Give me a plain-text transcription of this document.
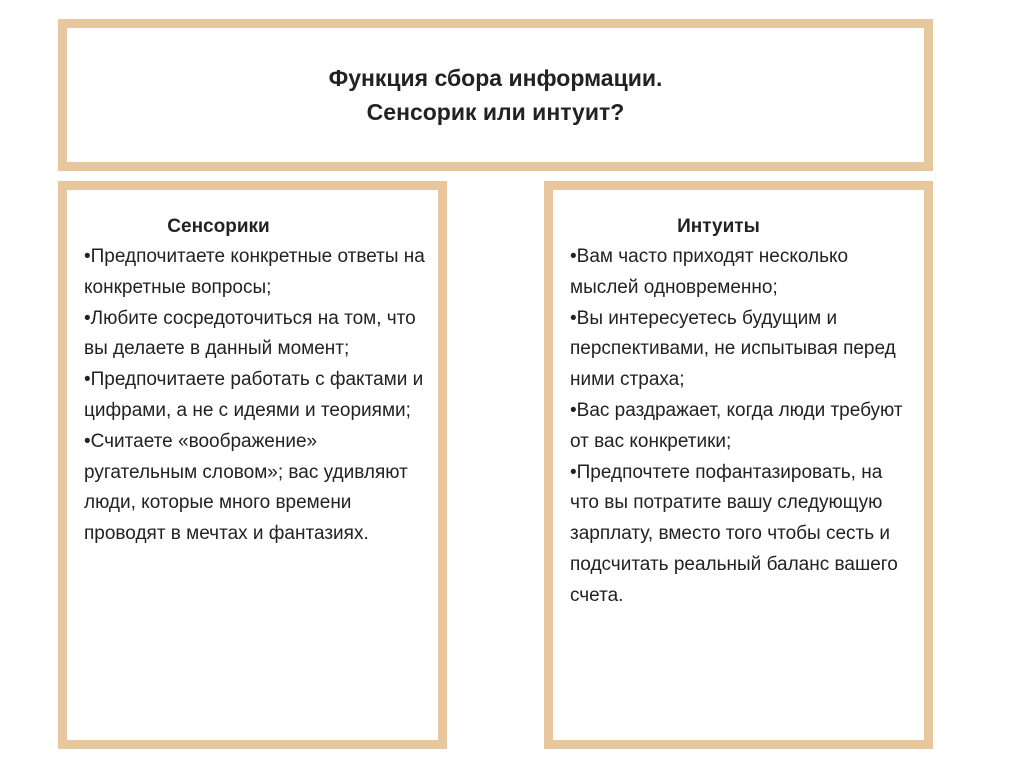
Функция сбора информации.
Сенсорик или интуит?
Сенсорики
•Предпочитаете конкретные ответы на конкретные вопросы;
•Любите сосредоточиться на том, что вы делаете в данный момент;
•Предпочитаете работать с фактами и цифрами, а не с идеями и теориями;
•Считаете «воображение» ругательным словом»; вас удивляют люди, которые много времени проводят в мечтах и фантазиях.
Интуиты
•Вам часто приходят несколько мыслей одновременно;
•Вы интересуетесь будущим и перспективами, не испытывая перед ними страха;
•Вас раздражает, когда люди требуют от вас конкретики;
•Предпочтете пофантазировать, на что вы потратите вашу следующую зарплату, вместо того чтобы сесть и подсчитать реальный баланс вашего счета.
